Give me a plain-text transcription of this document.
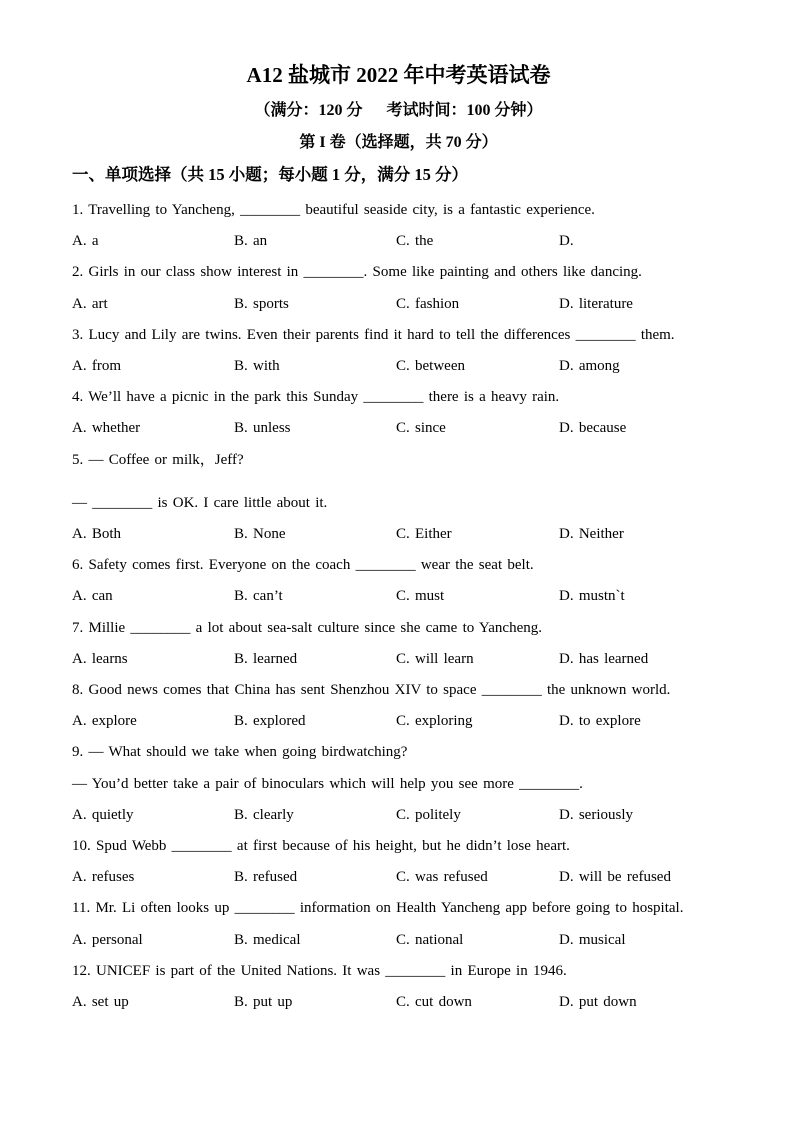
A12 盐城市 2022 年中考英语试卷
（满分：120 分      考试时间：100 分钟）
第 I 卷（选择题，共 70 分）
一、单项选择（共 15 小题；每小题 1 分，满分 15 分）

1. Travelling to Yancheng, ________ beautiful seaside city, is a fantastic experience.

A. a	B. an	C. the	D.

2. Girls in our class show interest in ________. Some like painting and others like dancing.

A. art	B. sports	C. fashion	D. literature

3. Lucy and Lily are twins. Even their parents find it hard to tell the differences ________ them.

A. from	B. with	C. between	D. among

4. We’ll have a picnic in the park this Sunday ________ there is a heavy rain.

A. whether	B. unless	C. since	D. because

5. — Coffee or milk，Jeff?

— ________ is OK. I care little about it.

A. Both	B. None	C. Either	D. Neither

6. Safety comes first. Everyone on the coach ________ wear the seat belt.

A. can	B. can’t	C. must	D. mustn`t

7. Millie ________ a lot about sea-salt culture since she came to Yancheng.

A. learns	B. learned	C. will learn	D. has learned

8. Good news comes that China has sent Shenzhou XIV to space ________ the unknown world.

A. explore	B. explored	C. exploring	D. to explore

9. — What should we take when going birdwatching?

— You’d better take a pair of binoculars which will help you see more ________.

A. quietly	B. clearly	C. politely	D. seriously

10. Spud Webb ________ at first because of his height, but he didn’t lose heart.

A. refuses	B. refused	C. was refused	D. will be refused

11. Mr. Li often looks up ________ information on Health Yancheng app before going to hospital.

A. personal	B. medical	C. national	D. musical

12. UNICEF is part of the United Nations. It was ________ in Europe in 1946.

A. set up	B. put up	C. cut down	D. put down
